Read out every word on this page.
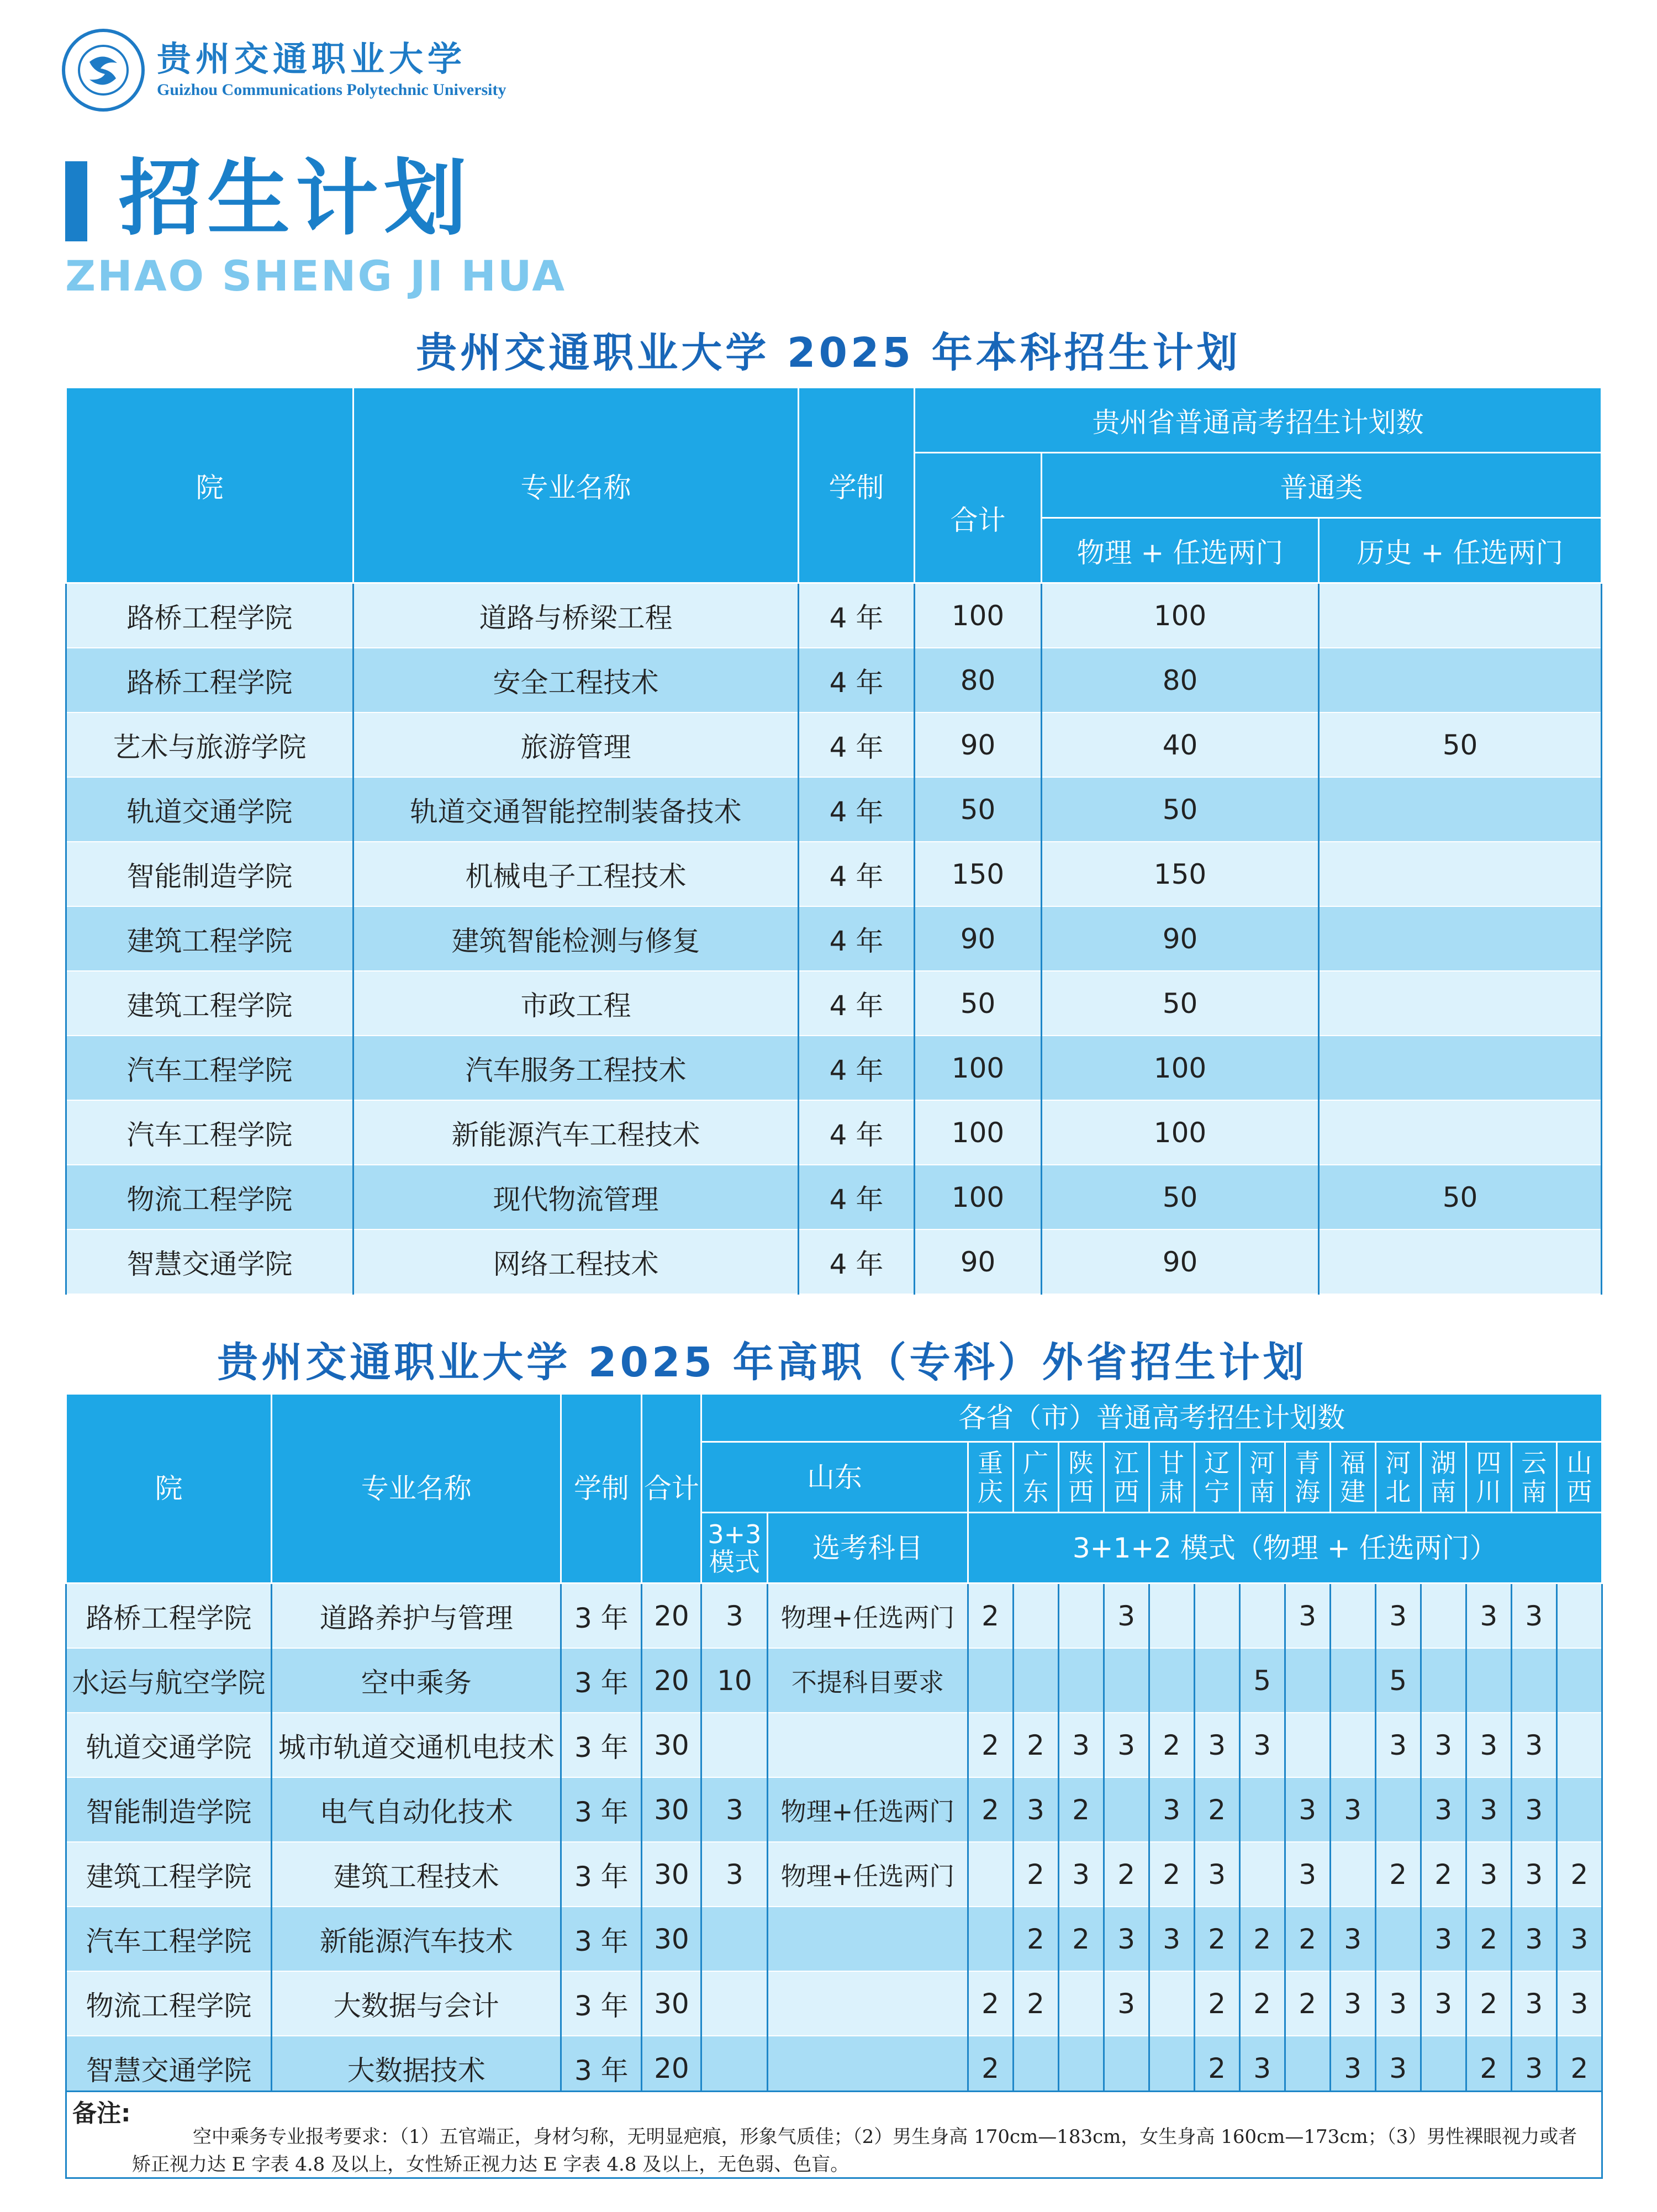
贵州交通职业大学
Guizhou Communications Polytechnic University
招生计划
ZHAO SHENG JI HUA
贵州交通职业大学 2025 年本科招生计划
院	专业名称	学制	贵州省普通高考招生计划数		
			合计	普通类	
				物理 + 任选两门	历史 + 任选两门
路桥工程学院	道路与桥梁工程	4 年	100	100	
路桥工程学院	安全工程技术	4 年	80	80	
艺术与旅游学院	旅游管理	4 年	90	40	50
轨道交通学院	轨道交通智能控制装备技术	4 年	50	50	
智能制造学院	机械电子工程技术	4 年	150	150	
建筑工程学院	建筑智能检测与修复	4 年	90	90	
建筑工程学院	市政工程	4 年	50	50	
汽车工程学院	汽车服务工程技术	4 年	100	100	
汽车工程学院	新能源汽车工程技术	4 年	100	100	
物流工程学院	现代物流管理	4 年	100	50	50
智慧交通学院	网络工程技术	4 年	90	90	
贵州交通职业大学 2025 年高职（专科）外省招生计划
院	专业名称	学制	合计	各省（市）普通高考招生计划数															
				山东		重庆	广东	陕西	江西	甘肃	辽宁	河南	青海	福建	河北	湖南	四川	云南	山西
				3+3 模式	选考科目	3+1+2 模式（物理 + 任选两门）													
路桥工程学院	道路养护与管理	3 年	20	3	物理+任选两门	2			3				3		3		3	3	
水运与航空学院	空中乘务	3 年	20	10	不提科目要求							5			5				
轨道交通学院	城市轨道交通机电技术	3 年	30			2	2	3	3	2	3	3			3	3	3	3	
智能制造学院	电气自动化技术	3 年	30	3	物理+任选两门	2	3	2		3	2		3	3		3	3	3	
建筑工程学院	建筑工程技术	3 年	30	3	物理+任选两门		2	3	2	2	3		3		2	2	3	3	2
汽车工程学院	新能源汽车技术	3 年	30				2	2	3	3	2	2	2	3		3	2	3	3
物流工程学院	大数据与会计	3 年	30			2	2		3		2	2	2	3	3	3	2	3	3
智慧交通学院	大数据技术	3 年	20			2					2	3		3	3		2	3	2
备注:
空中乘务专业报考要求：（1）五官端正，身材匀称，无明显疤痕，形象气质佳；（2）男生身高 170cm—183cm，女生身高 160cm—173cm；（3）男性裸眼视力或者矫正视力达 E 字表 4.8 及以上，女性矫正视力达 E 字表 4.8 及以上，无色弱、色盲。
